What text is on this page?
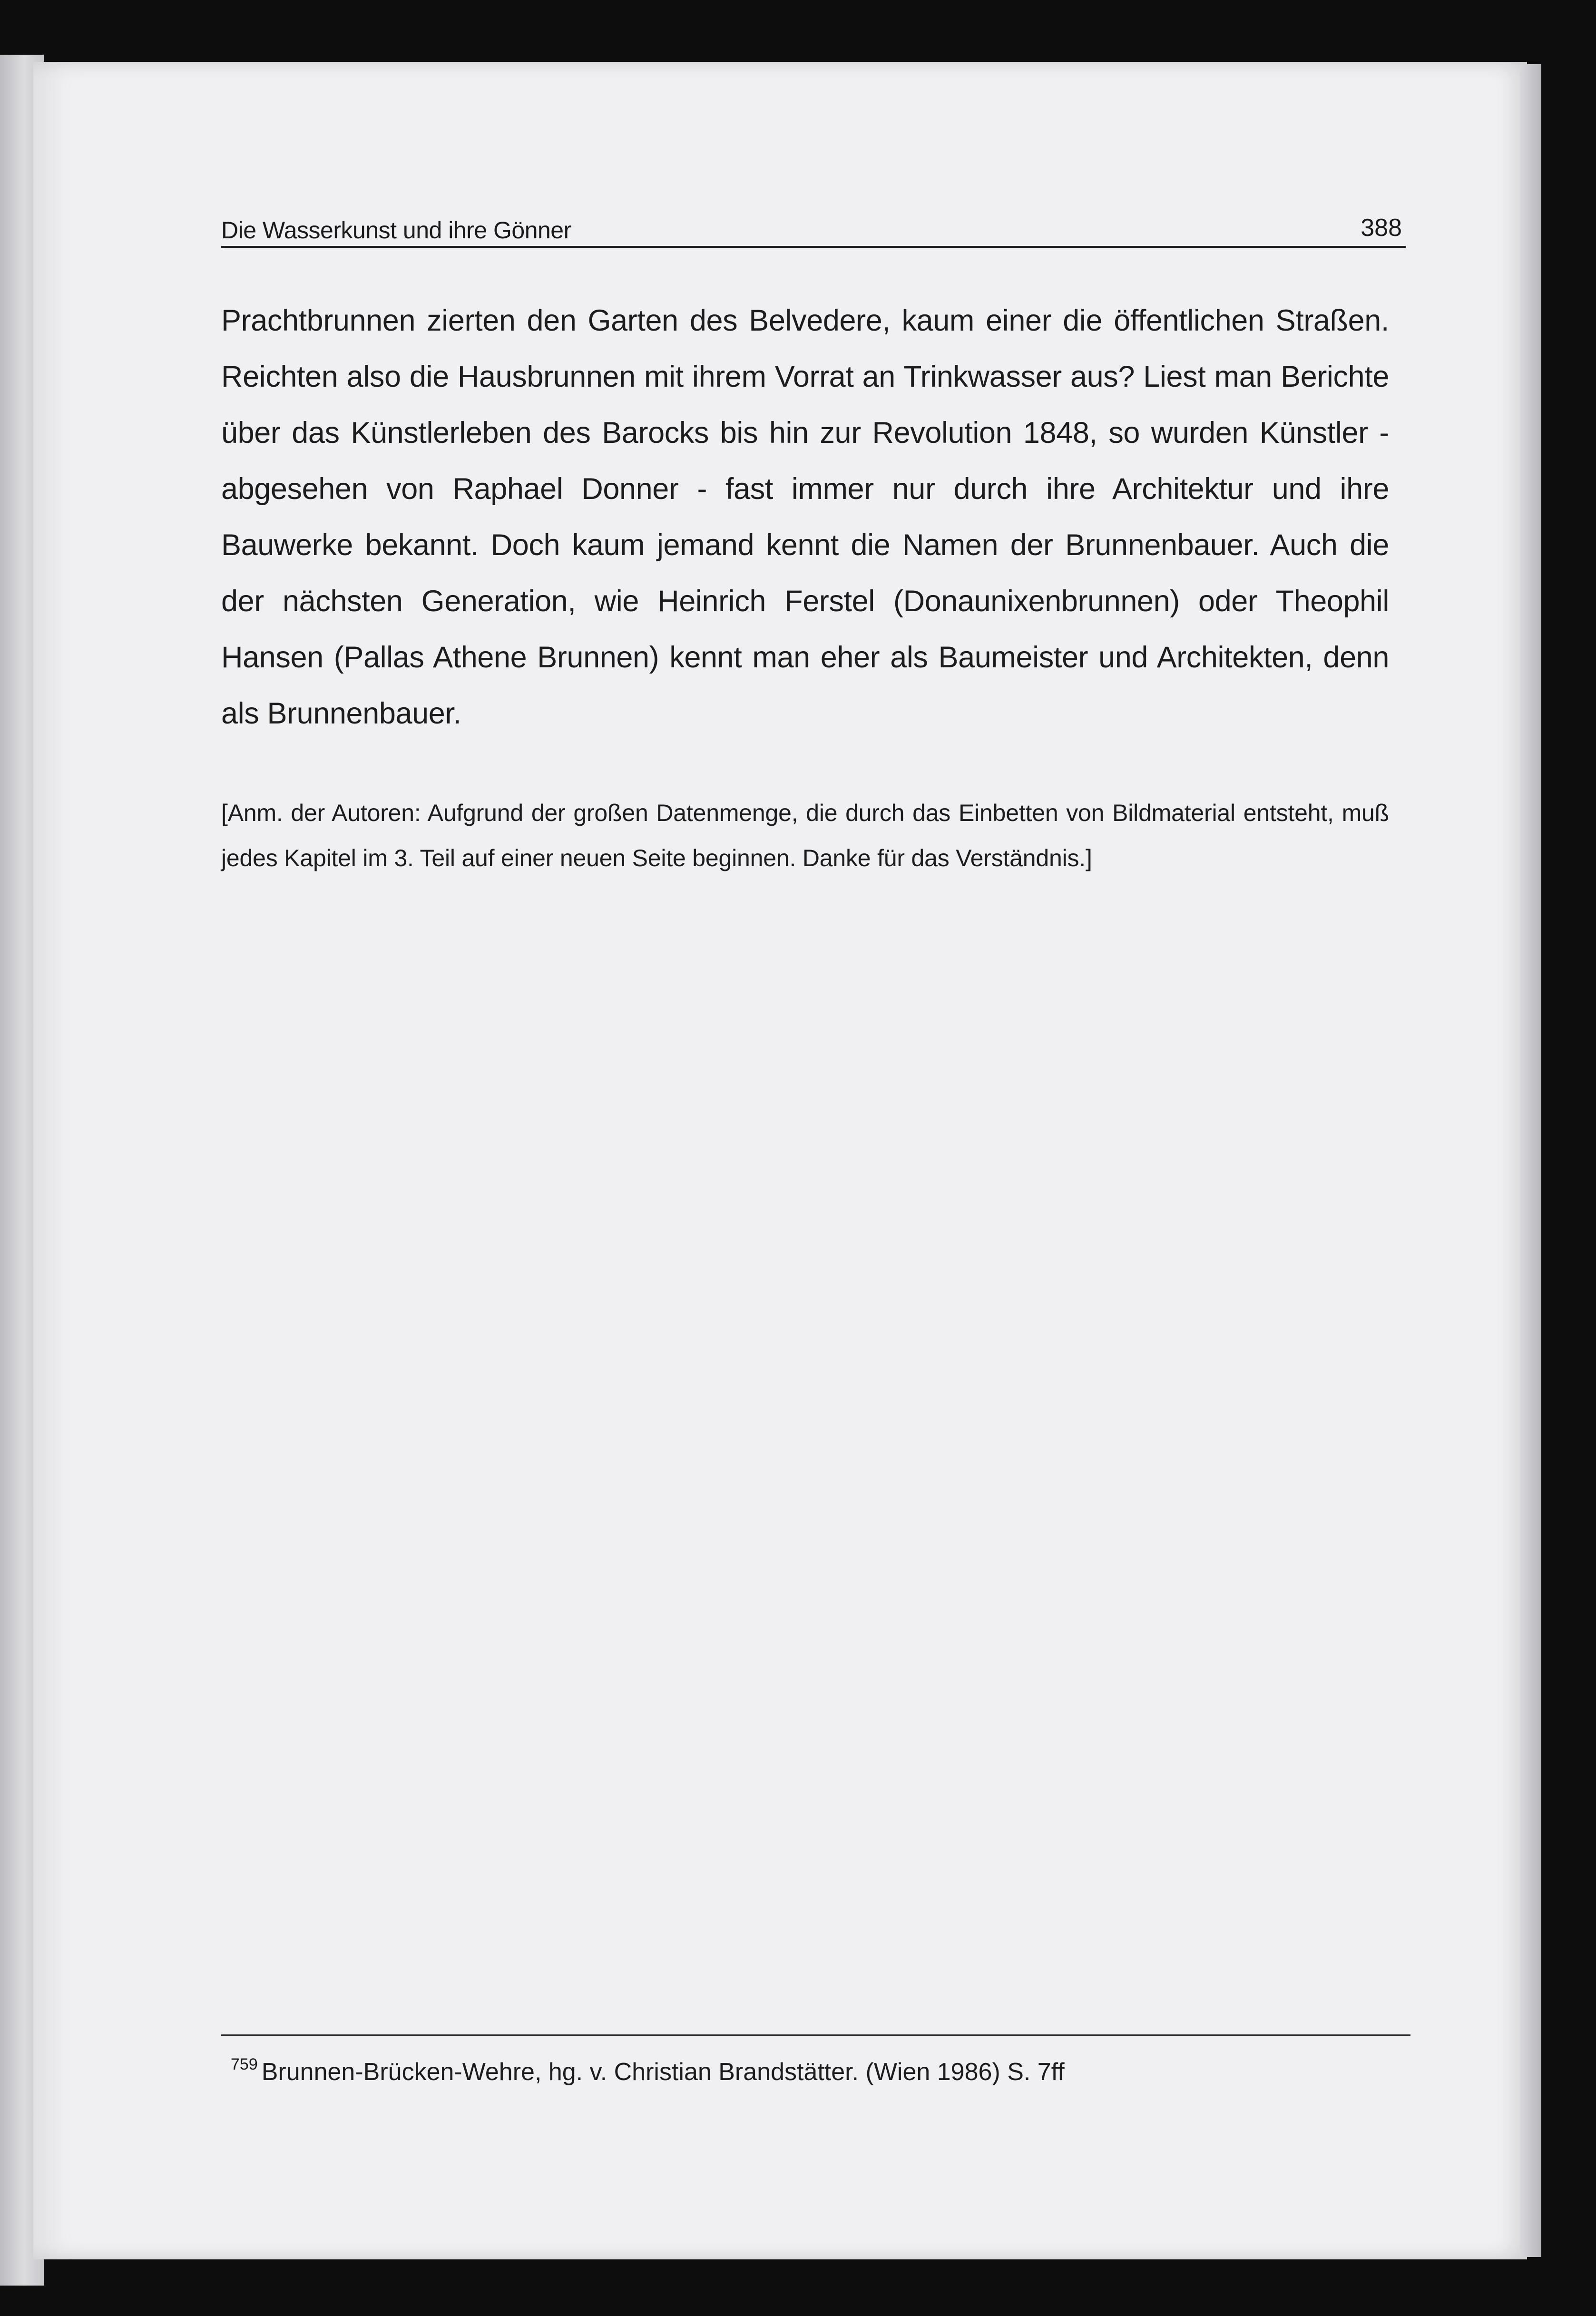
Die Wasserkunst und ihre Gönner	388
Prachtbrunnen zierten den Garten des Belvedere, kaum einer die öffentlichen Straßen. Reichten also die Hausbrunnen mit ihrem Vorrat an Trinkwasser aus? Liest man Berichte über das Künstlerleben des Barocks bis hin zur Revolution 1848, so wurden Künstler - abgesehen von Raphael Donner - fast immer nur durch ihre Architektur und ihre Bauwerke bekannt. Doch kaum jemand kennt die Namen der Brunnenbauer. Auch die der nächsten Generation, wie Heinrich Ferstel (Donaunixenbrunnen) oder Theophil Hansen (Pallas Athene Brunnen) kennt man eher als Baumeister und Architekten, denn als Brunnenbauer.
[Anm. der Autoren: Aufgrund der großen Datenmenge, die durch das Einbetten von Bildmaterial entsteht, muß jedes Kapitel im 3. Teil auf einer neuen Seite beginnen. Danke für das Verständnis.]
$^{759}$ Brunnen-Brücken-Wehre, hg. v. Christian Brandstätter. (Wien 1986) S. 7ff
